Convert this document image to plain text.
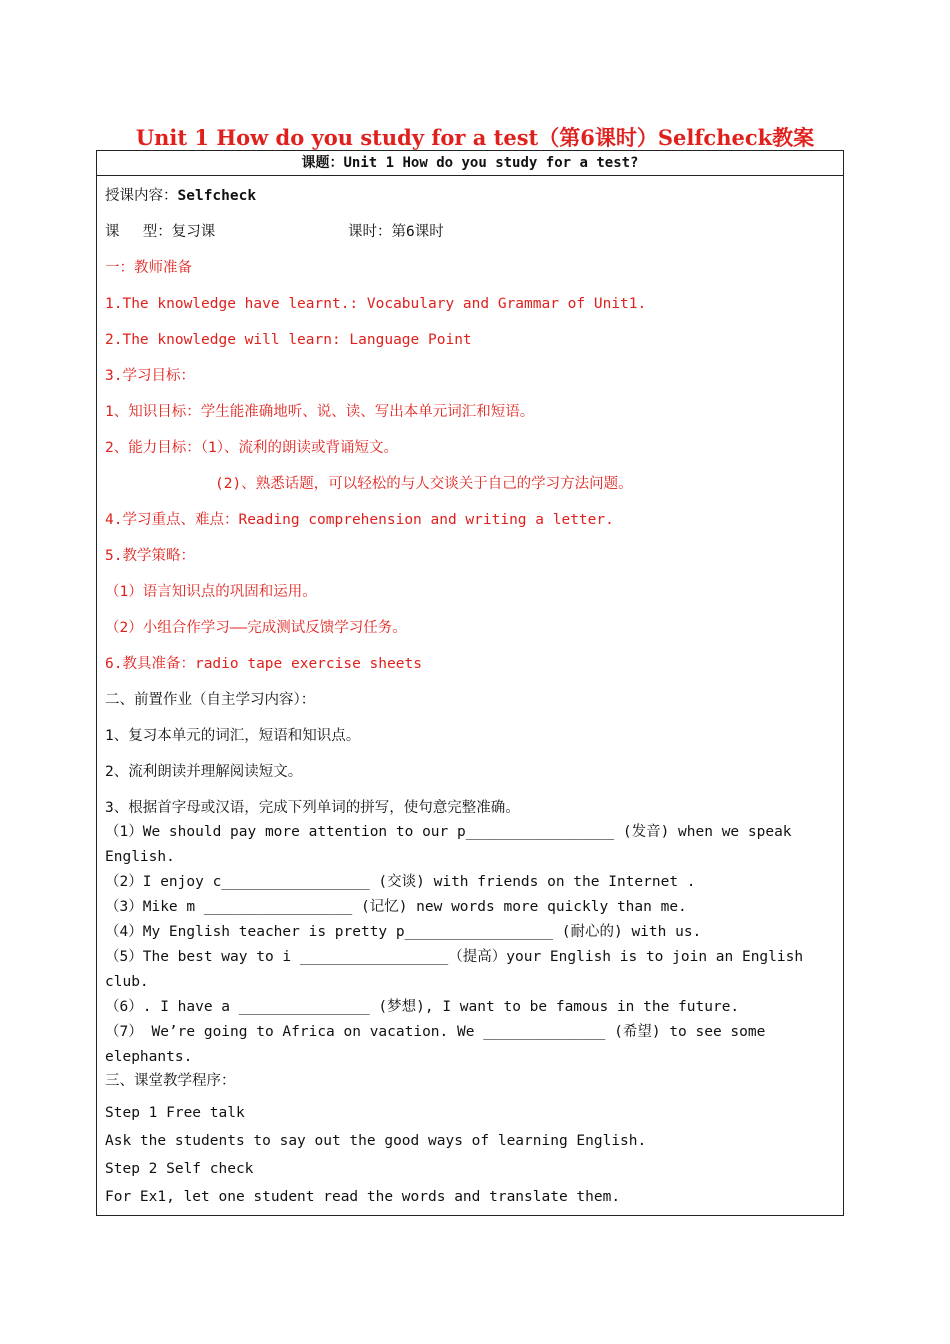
Unit 1 How do you study for a test（第6课时）Selfcheck教案
课题：Unit 1 How do you study for a test?
授课内容：Selfcheck
课　 型：复习课	课时：第6课时
一：教师准备
1.The knowledge have learnt.: Vocabulary and Grammar of Unit1.
2.The knowledge will learn: Language Point
3.学习目标：
1、知识目标：学生能准确地听、说、读、写出本单元词汇和短语。
2、能力目标：（1）、流利的朗读或背诵短文。
(2)、熟悉话题，可以轻松的与人交谈关于自己的学习方法问题。
4.学习重点、难点：Reading comprehension and writing a letter.
5.教学策略：
（1）语言知识点的巩固和运用。
（2）小组合作学习——完成测试反馈学习任务。
6.教具准备：radio tape exercise sheets
二、前置作业（自主学习内容）：
1、复习本单元的词汇，短语和知识点。
2、流利朗读并理解阅读短文。
3、根据首字母或汉语，完成下列单词的拼写，使句意完整准确。
（1）We should pay more attention to our p_________________ (发音) when we speak
English.
（2）I enjoy c_________________ (交谈) with friends on the Internet .
（3）Mike m _________________ (记忆) new words more quickly than me.
（4）My English teacher is pretty p_________________ (耐心的) with us.
（5）The best way to i _________________（提高）your English is to join an English
club.
（6）. I have a _______________ (梦想), I want to be famous in the future.
（7） We’re going to Africa on vacation. We ______________ (希望) to see some
elephants.
三、课堂教学程序：
Step 1 Free talk
Ask the students to say out the good ways of learning English.
Step 2 Self check
For Ex1, let one student read the words and translate them.
